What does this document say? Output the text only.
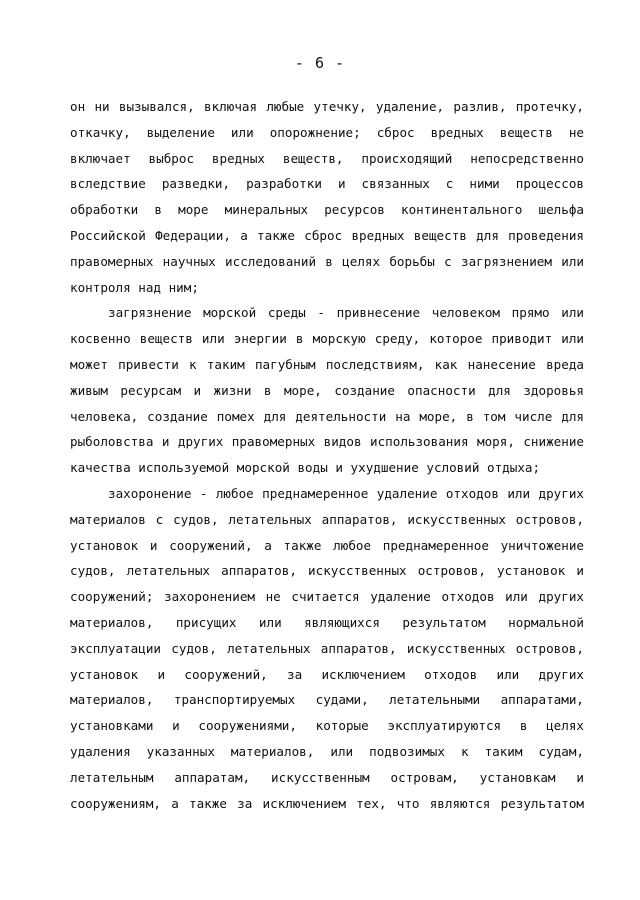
- 6 -
он ни вызывался, включая любые утечку, удаление, разлив, протечку,
откачку, выделение или опорожнение; сброс вредных веществ не
включает выброс вредных веществ, происходящий непосредственно
вследствие разведки, разработки и связанных с ними процессов
обработки в море минеральных ресурсов континентального шельфа
Российской Федерации, а также сброс вредных веществ для проведения
правомерных научных исследований в целях борьбы с загрязнением или
контроля над ним;
загрязнение морской среды - привнесение человеком прямо или
косвенно веществ или энергии в морскую среду, которое приводит или
может привести к таким пагубным последствиям, как нанесение вреда
живым ресурсам и жизни в море, создание опасности для здоровья
человека, создание помех для деятельности на море, в том числе для
рыболовства и других правомерных видов использования моря, снижение
качества используемой морской воды и ухудшение условий отдыха;
захоронение - любое преднамеренное удаление отходов или других
материалов с судов, летательных аппаратов, искусственных островов,
установок и сооружений, а также любое преднамеренное уничтожение
судов, летательных аппаратов, искусственных островов, установок и
сооружений; захоронением не считается удаление отходов или других
материалов, присущих или являющихся результатом нормальной
эксплуатации судов, летательных аппаратов, искусственных островов,
установок и сооружений, за исключением отходов или других
материалов, транспортируемых судами, летательными аппаратами,
установками и сооружениями, которые эксплуатируются в целях
удаления указанных материалов, или подвозимых к таким судам,
летательным аппаратам, искусственным островам, установкам и
сооружениям, а также за исключением тех, что являются результатом
